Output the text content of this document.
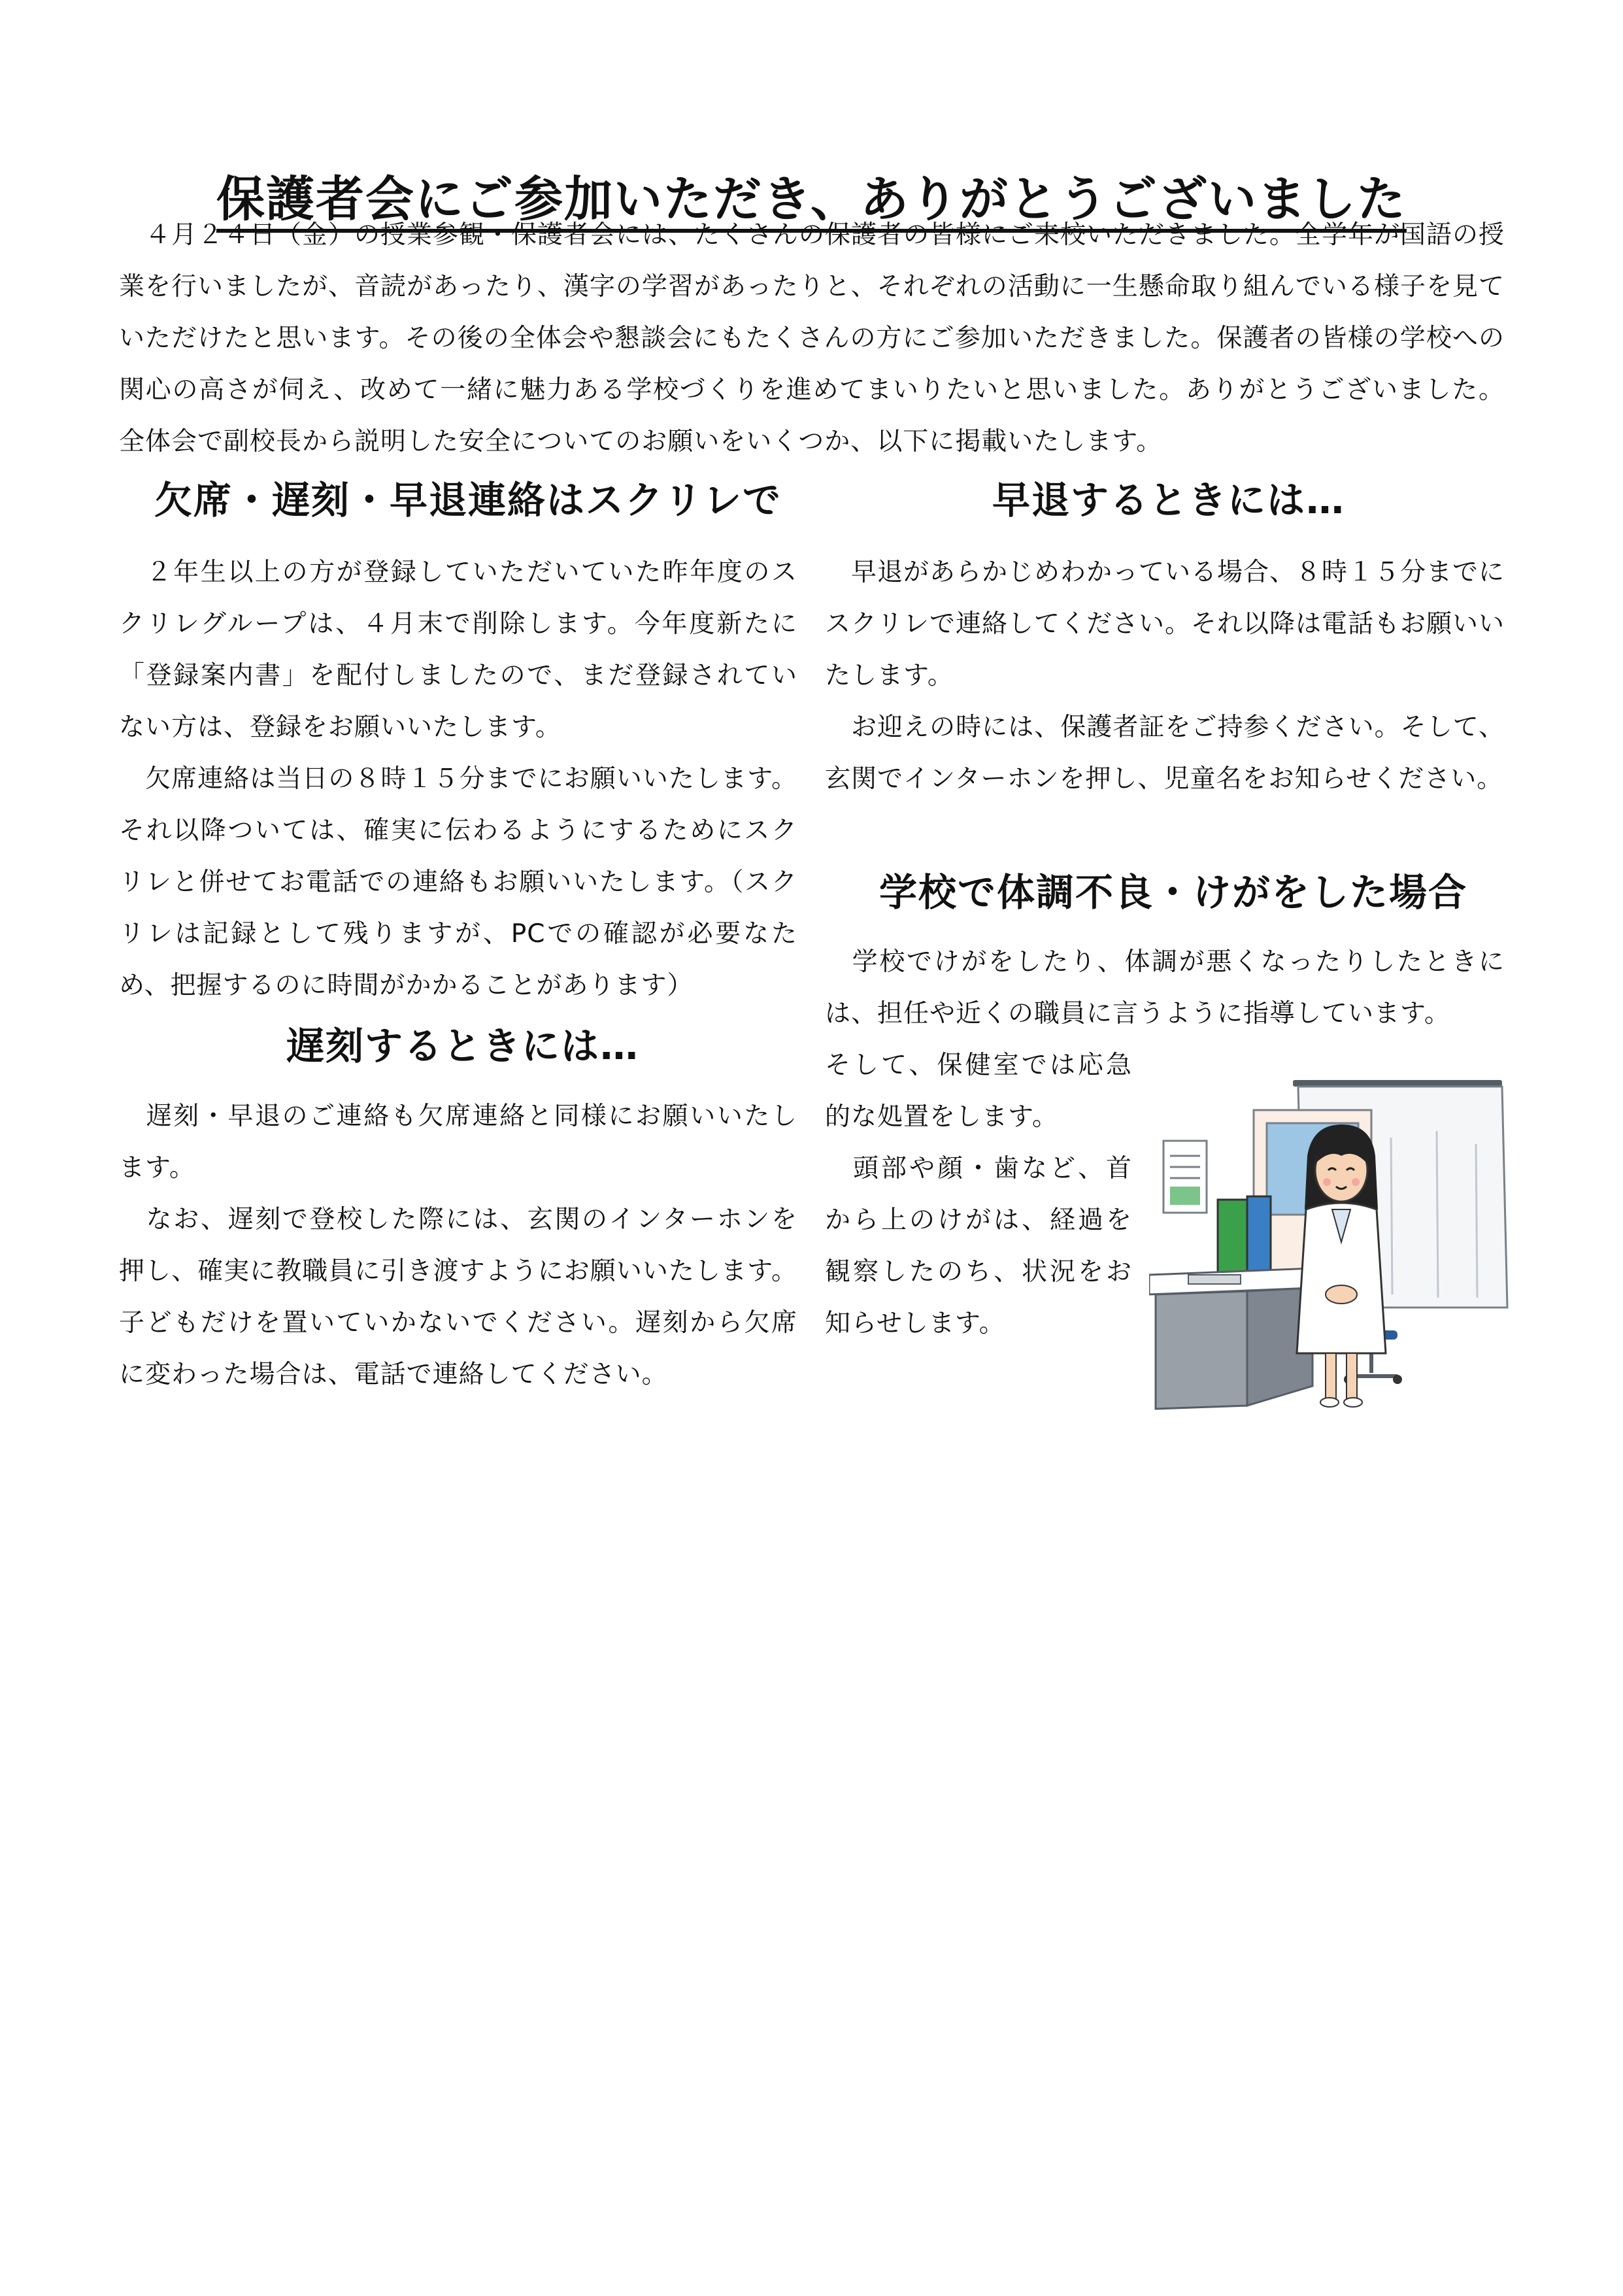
保護者会にご参加いただき、ありがとうございました

　４月２４日（金）の授業参観・保護者会には、たくさんの保護者の皆様にご来校いただきました。全学年が国語の授業を行いましたが、音読があったり、漢字の学習があったりと、それぞれの活動に一生懸命取り組んでいる様子を見ていただけたと思います。その後の全体会や懇談会にもたくさんの方にご参加いただきました。保護者の皆様の学校への関心の高さが伺え、改めて一緒に魅力ある学校づくりを進めてまいりたいと思いました。ありがとうございました。全体会で副校長から説明した安全についてのお願いをいくつか、以下に掲載いたします。

欠席・遅刻・早退連絡はスクリレで

　２年生以上の方が登録していただいていた昨年度のスクリレグループは、４月末で削除します。今年度新たに「登録案内書」を配付しましたので、まだ登録されていない方は、登録をお願いいたします。

　欠席連絡は当日の８時１５分までにお願いいたします。それ以降ついては、確実に伝わるようにするためにスクリレと併せてお電話での連絡もお願いいたします。（スクリレは記録として残りますが、PCでの確認が必要なため、把握するのに時間がかかることがあります）

遅刻するときには…

　遅刻・早退のご連絡も欠席連絡と同様にお願いいたします。

　なお、遅刻で登校した際には、玄関のインターホンを押し、確実に教職員に引き渡すようにお願いいたします。子どもだけを置いていかないでください。遅刻から欠席に変わった場合は、電話で連絡してください。

早退するときには…

　早退があらかじめわかっている場合、８時１５分までにスクリレで連絡してください。それ以降は電話もお願いいたします。

　お迎えの時には、保護者証をご持参ください。そして、玄関でインターホンを押し、児童名をお知らせください。

学校で体調不良・けがをした場合

　学校でけがをしたり、体調が悪くなったりしたときには、担任や近くの職員に言うように指導しています。

そして、保健室では応急的な処置をします。

　頭部や顔・歯など、首から上のけがは、経過を観察したのち、状況をお知らせします。
